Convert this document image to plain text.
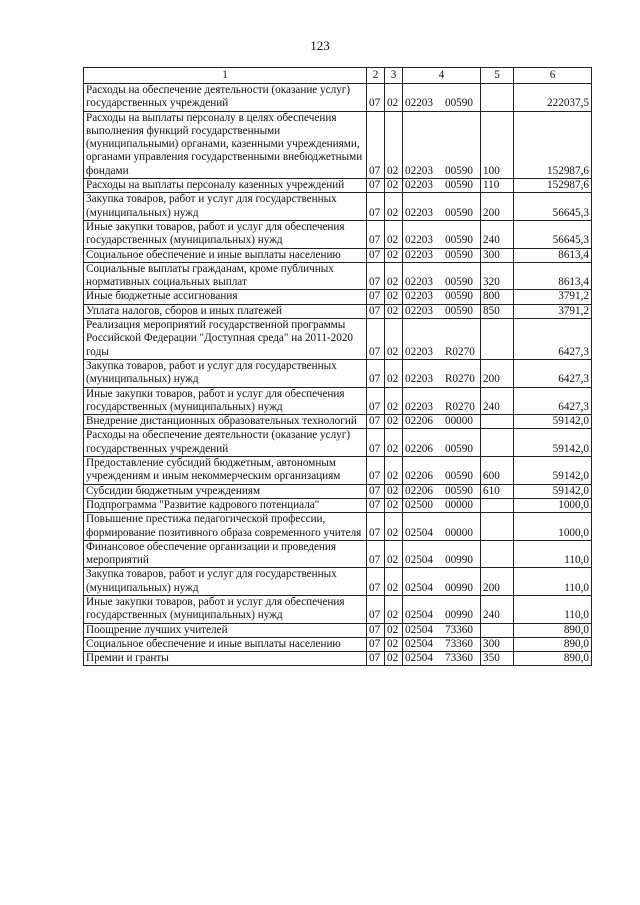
123
1	2	3	4	5	6
Расходы на обеспечение деятельности (оказание услуг) государственных учреждений	07	02	02203 00590		222037,5
Расходы на выплаты персоналу в целях обеспечения выполнения функций государственными (муниципальными) органами, казенными учреждениями, органами управления государственными внебюджетными фондами	07	02	02203 00590	100	152987,6
Расходы на выплаты персоналу казенных учреждений	07	02	02203 00590	110	152987,6
Закупка товаров, работ и услуг для государственных (муниципальных) нужд	07	02	02203 00590	200	56645,3
Иные закупки товаров, работ и услуг для обеспечения государственных (муниципальных) нужд	07	02	02203 00590	240	56645,3
Социальное обеспечение и иные выплаты населению	07	02	02203 00590	300	8613,4
Социальные выплаты гражданам, кроме публичных нормативных социальных выплат	07	02	02203 00590	320	8613,4
Иные бюджетные ассигнования	07	02	02203 00590	800	3791,2
Уплата налогов, сборов и иных платежей	07	02	02203 00590	850	3791,2
Реализация мероприятий государственной программы Российской Федерации "Доступная среда" на 2011-2020 годы	07	02	02203 R0270		6427,3
Закупка товаров, работ и услуг для государственных (муниципальных) нужд	07	02	02203 R0270	200	6427,3
Иные закупки товаров, работ и услуг для обеспечения государственных (муниципальных) нужд	07	02	02203 R0270	240	6427,3
Внедрение дистанционных образовательных технологий	07	02	02206 00000		59142,0
Расходы на обеспечение деятельности (оказание услуг) государственных учреждений	07	02	02206 00590		59142,0
Предоставление субсидий бюджетным, автономным учреждениям и иным некоммерческим организациям	07	02	02206 00590	600	59142,0
Субсидии бюджетным учреждениям	07	02	02206 00590	610	59142,0
Подпрограмма "Развитие кадрового потенциала"	07	02	02500 00000		1000,0
Повышение престижа педагогической профессии, формирование позитивного образа современного учителя	07	02	02504 00000		1000,0
Финансовое обеспечение организации и проведения мероприятий	07	02	02504 00990		110,0
Закупка товаров, работ и услуг для государственных (муниципальных) нужд	07	02	02504 00990	200	110,0
Иные закупки товаров, работ и услуг для обеспечения государственных (муниципальных) нужд	07	02	02504 00990	240	110,0
Поощрение лучших учителей	07	02	02504 73360		890,0
Социальное обеспечение и иные выплаты населению	07	02	02504 73360	300	890,0
Премии и гранты	07	02	02504 73360	350	890,0
